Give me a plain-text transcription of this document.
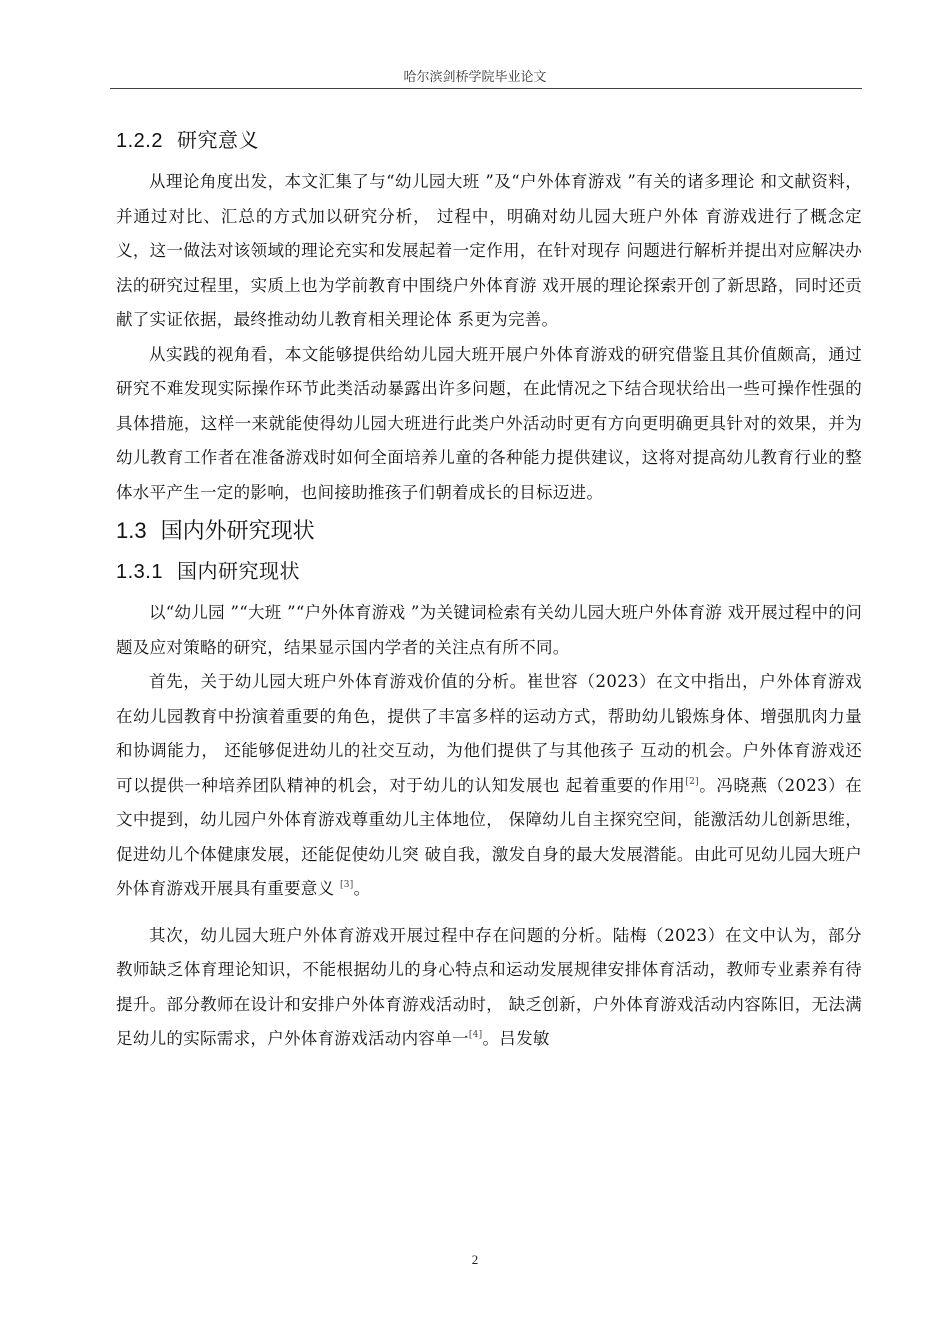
哈尔滨剑桥学院毕业论文
1.2.2 研究意义

从理论角度出发，本文汇集了与“幼儿园大班 ”及“户外体育游戏 ”有关的诸多理论 和文献资料，并通过对比、汇总的方式加以研究分析， 过程中，明确对幼儿园大班户外体 育游戏进行了概念定义，这一做法对该领域的理论充实和发展起着一定作用，在针对现存 问题进行解析并提出对应解决办法的研究过程里，实质上也为学前教育中围绕户外体育游 戏开展的理论探索开创了新思路，同时还贡献了实证依据，最终推动幼儿教育相关理论体 系更为完善。

从实践的视角看，本文能够提供给幼儿园大班开展户外体育游戏的研究借鉴且其价值颇高，通过研究不难发现实际操作环节此类活动暴露出许多问题，在此情况之下结合现状给出一些可操作性强的具体措施，这样一来就能使得幼儿园大班进行此类户外活动时更有方向更明确更具针对的效果，并为幼儿教育工作者在准备游戏时如何全面培养儿童的各种能力提供建议，这将对提高幼儿教育行业的整体水平产生一定的影响，也间接助推孩子们朝着成长的目标迈进。

1.3 国内外研究现状
1.3.1 国内研究现状

以“幼儿园 ”“大班 ”“户外体育游戏 ”为关键词检索有关幼儿园大班户外体育游 戏开展过程中的问题及应对策略的研究，结果显示国内学者的关注点有所不同。

首先，关于幼儿园大班户外体育游戏价值的分析。崔世容（2023）在文中指出，户外体育游戏在幼儿园教育中扮演着重要的角色，提供了丰富多样的运动方式，帮助幼儿锻炼身体、增强肌肉力量和协调能力， 还能够促进幼儿的社交互动，为他们提供了与其他孩子 互动的机会。户外体育游戏还可以提供一种培养团队精神的机会，对于幼儿的认知发展也 起着重要的作用[2]。冯晓燕（2023）在文中提到，幼儿园户外体育游戏尊重幼儿主体地位， 保障幼儿自主探究空间，能激活幼儿创新思维，促进幼儿个体健康发展，还能促使幼儿突 破自我，激发自身的最大发展潜能。由此可见幼儿园大班户外体育游戏开展具有重要意义 [3]。

其次，幼儿园大班户外体育游戏开展过程中存在问题的分析。陆梅（2023）在文中认为，部分教师缺乏体育理论知识，不能根据幼儿的身心特点和运动发展规律安排体育活动，教师专业素养有待提升。部分教师在设计和安排户外体育游戏活动时， 缺乏创新，户外体育游戏活动内容陈旧，无法满足幼儿的实际需求，户外体育游戏活动内容单一[4]。吕发敏

2
